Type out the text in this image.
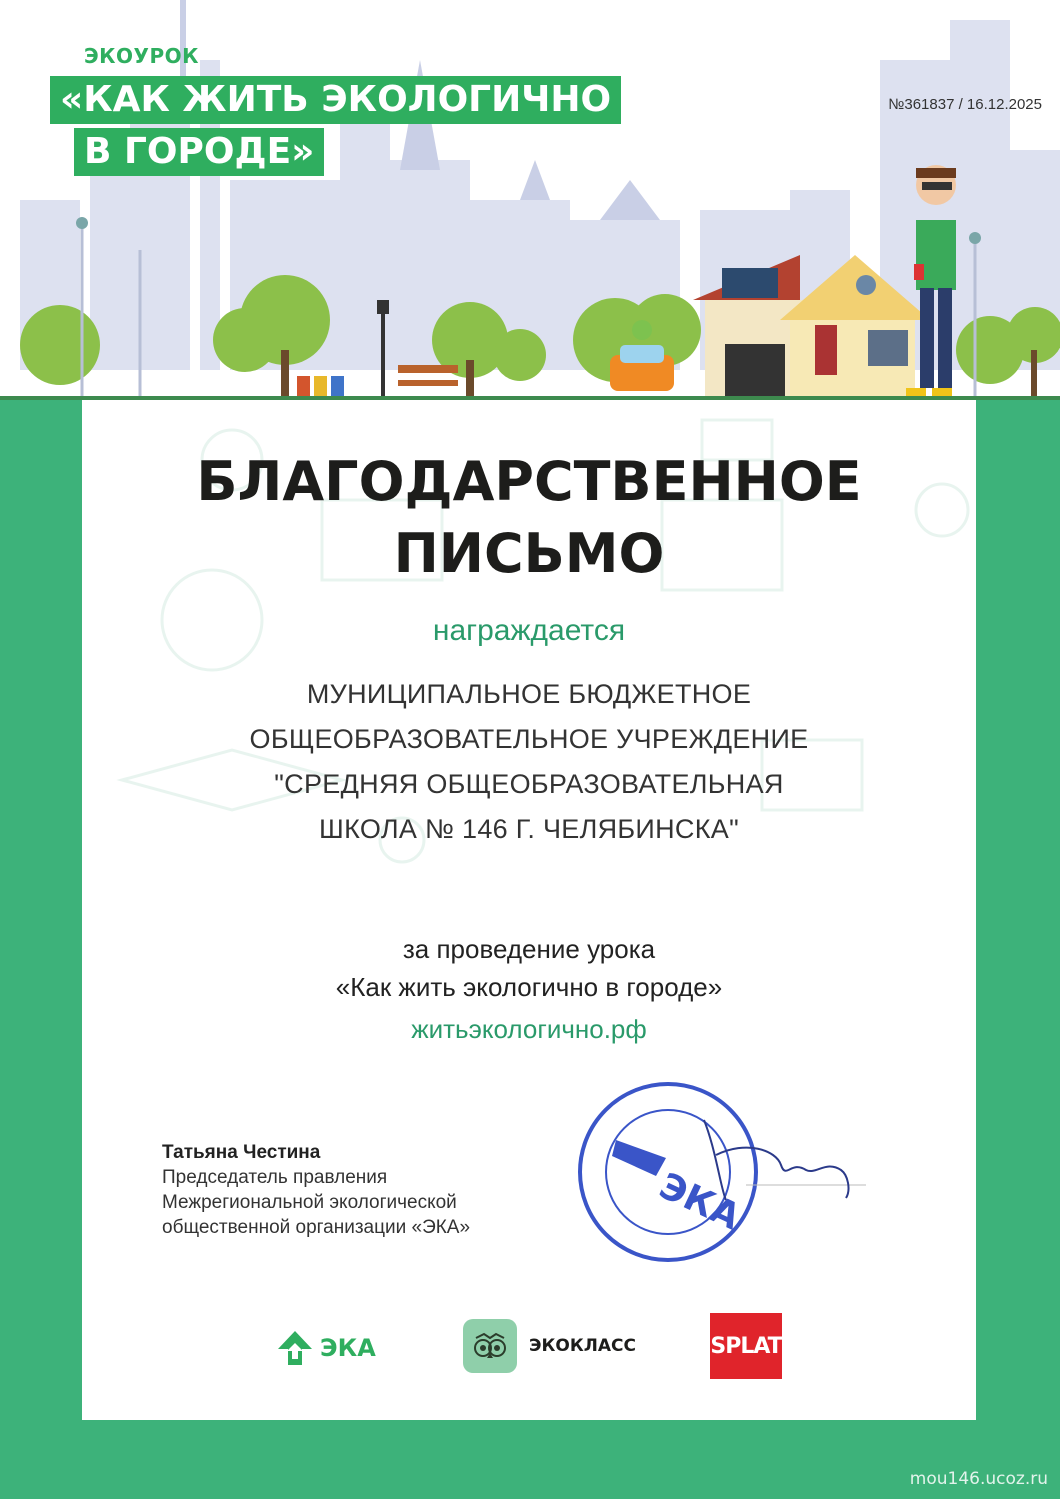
ЭКОУРОК
«КАК ЖИТЬ ЭКОЛОГИЧНО
В ГОРОДЕ»
№361837 / 16.12.2025
БЛАГОДАРСТВЕННОЕ
ПИСЬМО
награждается
МУНИЦИПАЛЬНОЕ БЮДЖЕТНОЕ
ОБЩЕОБРАЗОВАТЕЛЬНОЕ УЧРЕЖДЕНИЕ
"СРЕДНЯЯ ОБЩЕОБРАЗОВАТЕЛЬНАЯ
ШКОЛА № 146 Г. ЧЕЛЯБИНСКА"
за проведение урока
«Как жить экологично в городе»
житьэкологично.рф
Татьяна Честина
Председатель правления
Межрегиональной экологической
общественной организации «ЭКА»	ЭКА
ЭКА	ЭКОКЛАСС	SPLAT
mou146.ucoz.ru
